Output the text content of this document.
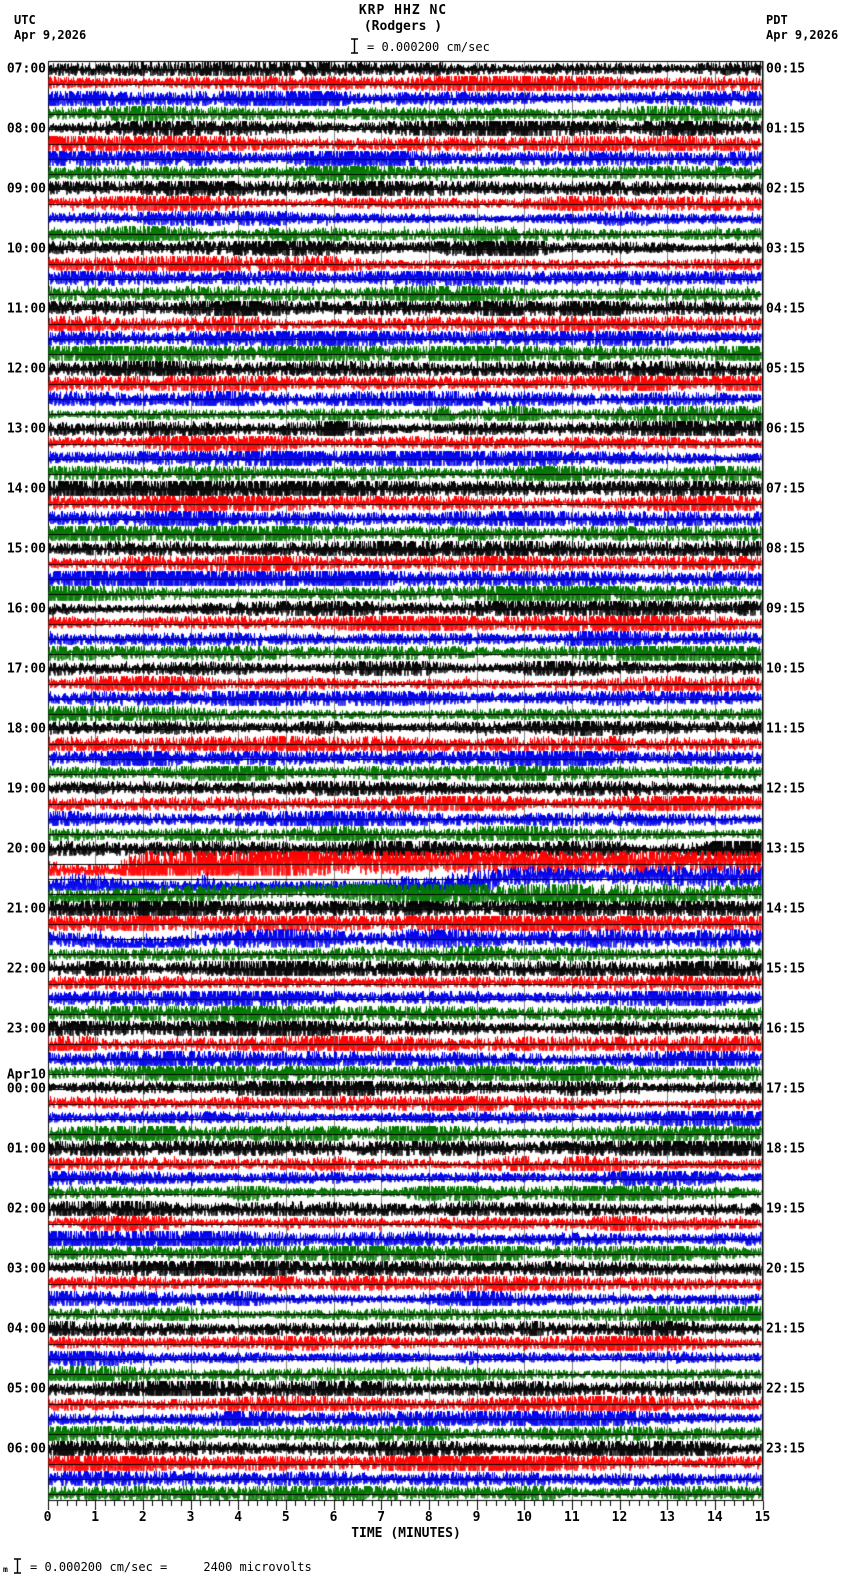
KRP HHZ NC
(Rodgers )
UTC
Apr 9,2026
PDT
Apr 9,2026
= 0.000200 cm/sec
07:00
08:00
09:00
10:00
11:00
12:00
13:00
14:00
15:00
16:00
17:00
18:00
19:00
20:00
21:00
22:00
23:00
Apr10
00:00
01:00
02:00
03:00
04:00
05:00
06:00
00:15
01:15
02:15
03:15
04:15
05:15
06:15
07:15
08:15
09:15
10:15
11:15
12:15
13:15
14:15
15:15
16:15
17:15
18:15
19:15
20:15
21:15
22:15
23:15
0	1	2	3	4	5	6	7	8	9	10	11	12	13	14	15
TIME (MINUTES)
m = 0.000200 cm/sec =     2400 microvolts
